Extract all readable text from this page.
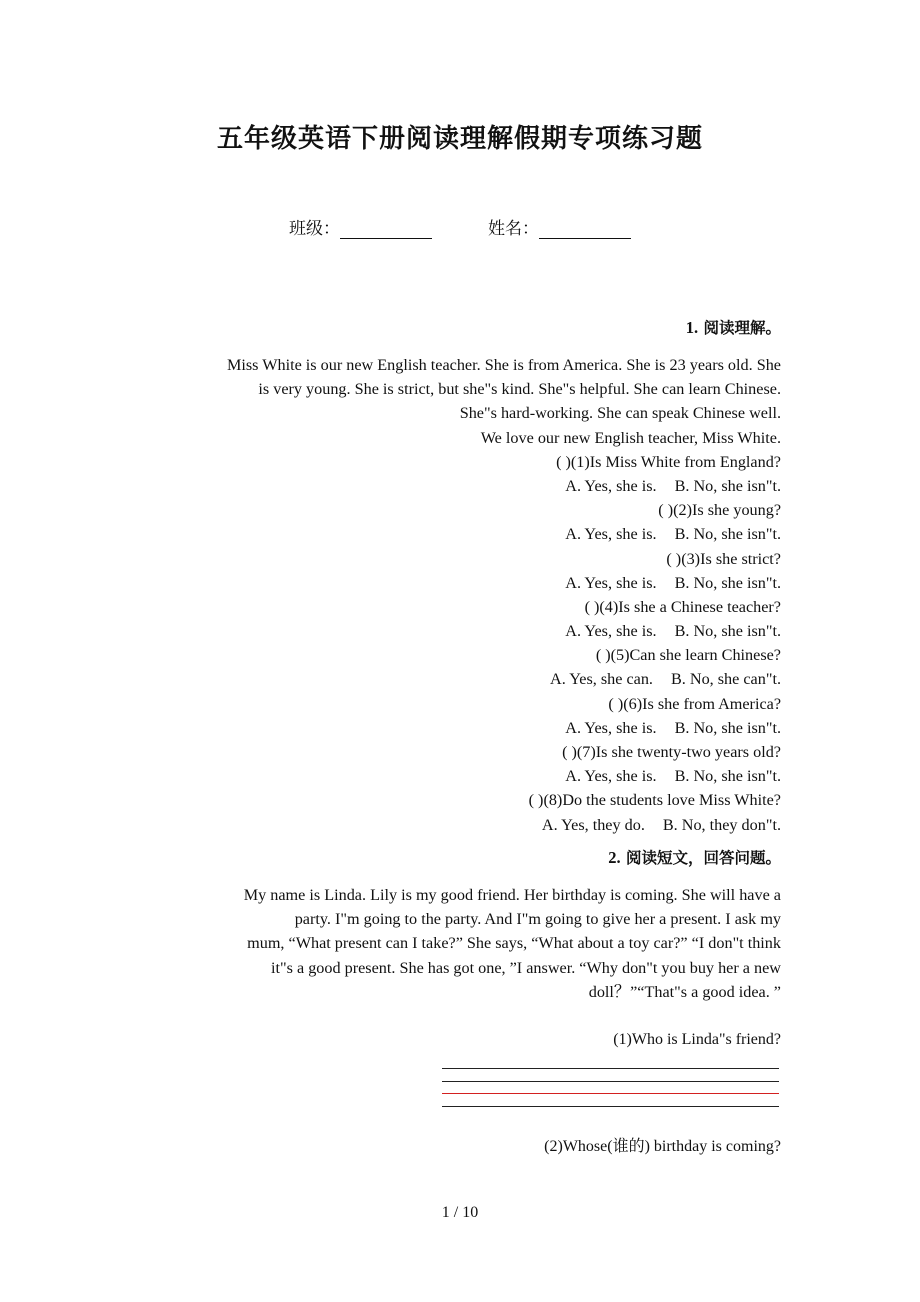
五年级英语下册阅读理解假期专项练习题
班级：	姓名：
1. 阅读理解。
Miss White is our new English teacher. She is from America. She is 23 years old. She
is very young. She is strict, but she"s kind. She"s helpful. She can learn Chinese.
She"s hard-working. She can speak Chinese well.
We love our new English teacher, Miss White.
( )(1)Is Miss White from England?
A. Yes, she is. B. No, she isn"t.
( )(2)Is she young?
A. Yes, she is. B. No, she isn"t.
( )(3)Is she strict?
A. Yes, she is. B. No, she isn"t.
( )(4)Is she a Chinese teacher?
A. Yes, she is. B. No, she isn"t.
( )(5)Can she learn Chinese?
A. Yes, she can. B. No, she can"t.
( )(6)Is she from America?
A. Yes, she is. B. No, she isn"t.
( )(7)Is she twenty-two years old?
A. Yes, she is. B. No, she isn"t.
( )(8)Do the students love Miss White?
A. Yes, they do. B. No, they don"t.
2. 阅读短文，回答问题。
My name is Linda. Lily is my good friend. Her birthday is coming. She will have a
party. I"m going to the party. And I"m going to give her a present. I ask my
mum, “What present can I take?” She says, “What about a toy car?” “I don"t think
it"s a good present. She has got one, ”I answer. “Why don"t you buy her a new
doll？”“That"s a good idea. ”
(1)Who is Linda"s friend?
(2)Whose(谁的) birthday is coming?
1 / 10
